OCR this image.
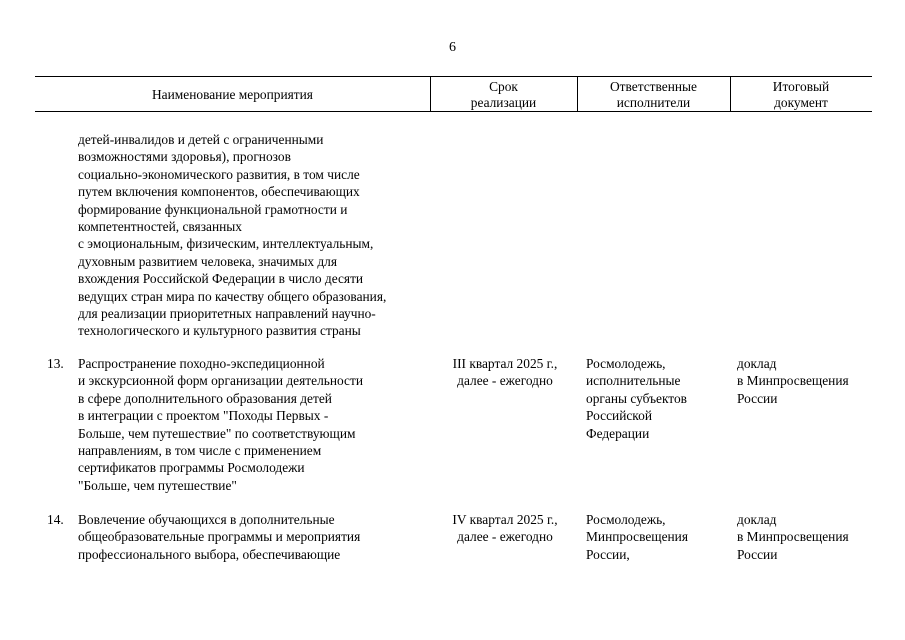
6
Наименование мероприятия
Срок
реализации
Ответственные
исполнители
Итоговый
документ
детей-инвалидов и детей с ограниченными
возможностями здоровья), прогнозов
социально-экономического развития, в том числе
путем включения компонентов, обеспечивающих
формирование функциональной грамотности и
компетентностей, связанных
с эмоциональным, физическим, интеллектуальным,
духовным развитием человека, значимых для
вхождения Российской Федерации в число десяти
ведущих стран мира по качеству общего образования,
для реализации приоритетных направлений научно-
технологического и культурного развития страны
13. Распространение походно-экспедиционной
и экскурсионной форм организации деятельности
в сфере дополнительного образования детей
в интеграции с проектом "Походы Первых -
Больше, чем путешествие" по соответствующим
направлениям, в том числе с применением
сертификатов программы Росмолодежи
"Больше, чем путешествие"
III квартал 2025 г.,
далее - ежегодно
Росмолодежь,
исполнительные
органы субъектов
Российской
Федерации
доклад
в Минпросвещения
России
14. Вовлечение обучающихся в дополнительные
общеобразовательные программы и мероприятия
профессионального выбора, обеспечивающие
IV квартал 2025 г.,
далее - ежегодно
Росмолодежь,
Минпросвещения
России,
доклад
в Минпросвещения
России
